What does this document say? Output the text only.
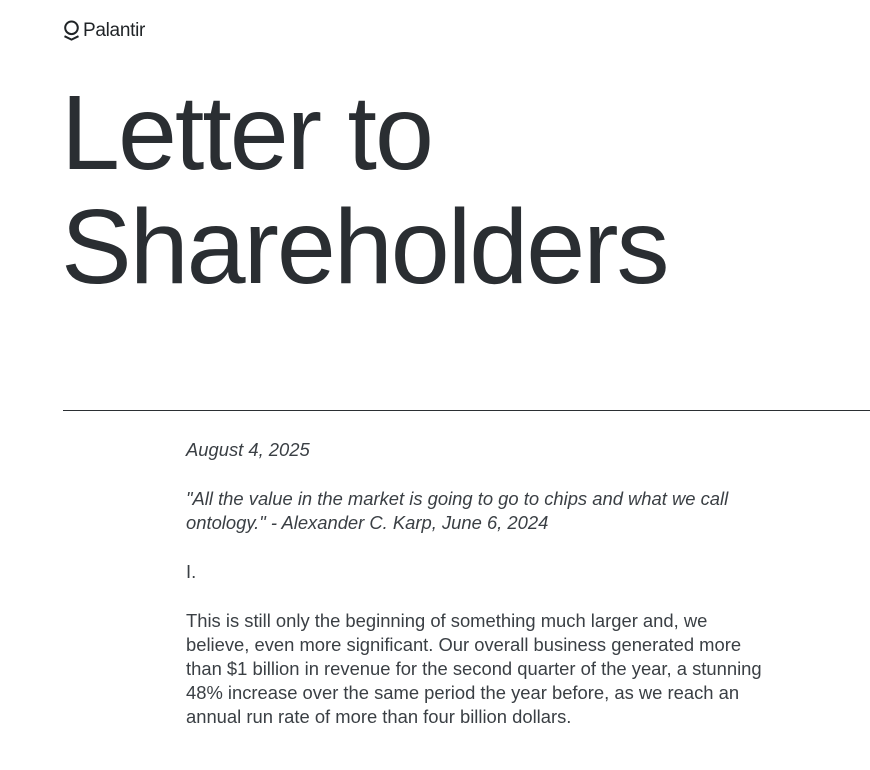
Palantir
Letter to
Shareholders

August 4, 2025

"All the value in the market is going to go to chips and what we call ontology." - Alexander C. Karp, June 6, 2024

I.

This is still only the beginning of something much larger and, we believe, even more significant. Our overall business generated more than $1 billion in revenue for the second quarter of the year, a stunning 48% increase over the same period the year before, as we reach an annual run rate of more than four billion dollars.
